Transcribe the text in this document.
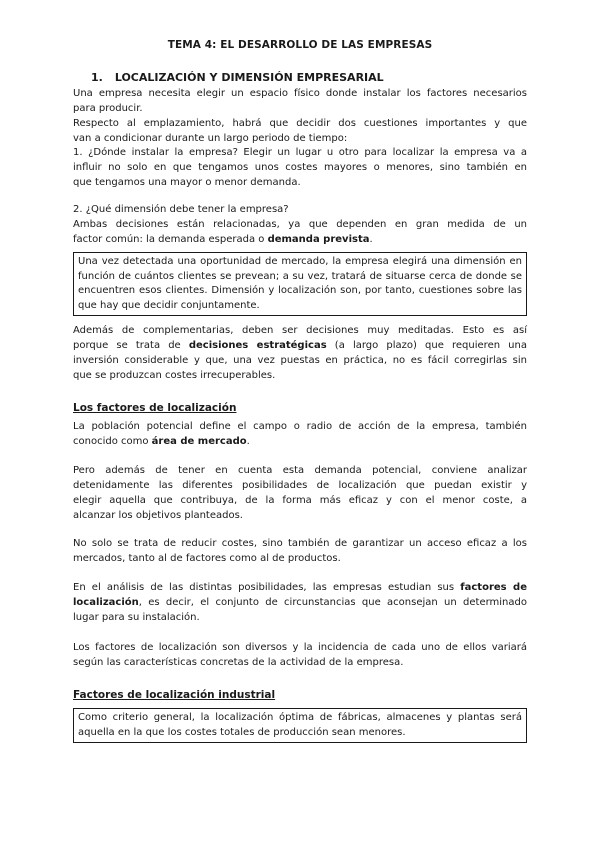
TEMA 4: EL DESARROLLO DE LAS EMPRESAS
1. LOCALIZACIÓN Y DIMENSIÓN EMPRESARIAL
Una empresa necesita elegir un espacio físico donde instalar los factores necesarios
para producir.
Respecto al emplazamiento, habrá que decidir dos cuestiones importantes y que
van a condicionar durante un largo periodo de tiempo:
1. ¿Dónde instalar la empresa? Elegir un lugar u otro para localizar la empresa va a
influir no solo en que tengamos unos costes mayores o menores, sino también en
que tengamos una mayor o menor demanda.
2. ¿Qué dimensión debe tener la empresa?
Ambas decisiones están relacionadas, ya que dependen en gran medida de un
factor común: la demanda esperada o demanda prevista.
Una vez detectada una oportunidad de mercado, la empresa elegirá una dimensión en función de cuántos clientes se prevean; a su vez, tratará de situarse cerca de donde se encuentren esos clientes. Dimensión y localización son, por tanto, cuestiones sobre las que hay que decidir conjuntamente.
Además de complementarias, deben ser decisiones muy meditadas. Esto es así
porque se trata de decisiones estratégicas (a largo plazo) que requieren una
inversión considerable y que, una vez puestas en práctica, no es fácil corregirlas sin
que se produzcan costes irrecuperables.
Los factores de localización
La población potencial define el campo o radio de acción de la empresa, también
conocido como área de mercado.
Pero además de tener en cuenta esta demanda potencial, conviene analizar
detenidamente las diferentes posibilidades de localización que puedan existir y
elegir aquella que contribuya, de la forma más eficaz y con el menor coste, a
alcanzar los objetivos planteados.
No solo se trata de reducir costes, sino también de garantizar un acceso eficaz a los
mercados, tanto al de factores como al de productos.
En el análisis de las distintas posibilidades, las empresas estudian sus factores de
localización, es decir, el conjunto de circunstancias que aconsejan un determinado
lugar para su instalación.
Los factores de localización son diversos y la incidencia de cada uno de ellos variará
según las características concretas de la actividad de la empresa.
Factores de localización industrial
Como criterio general, la localización óptima de fábricas, almacenes y plantas será aquella en la que los costes totales de producción sean menores.
